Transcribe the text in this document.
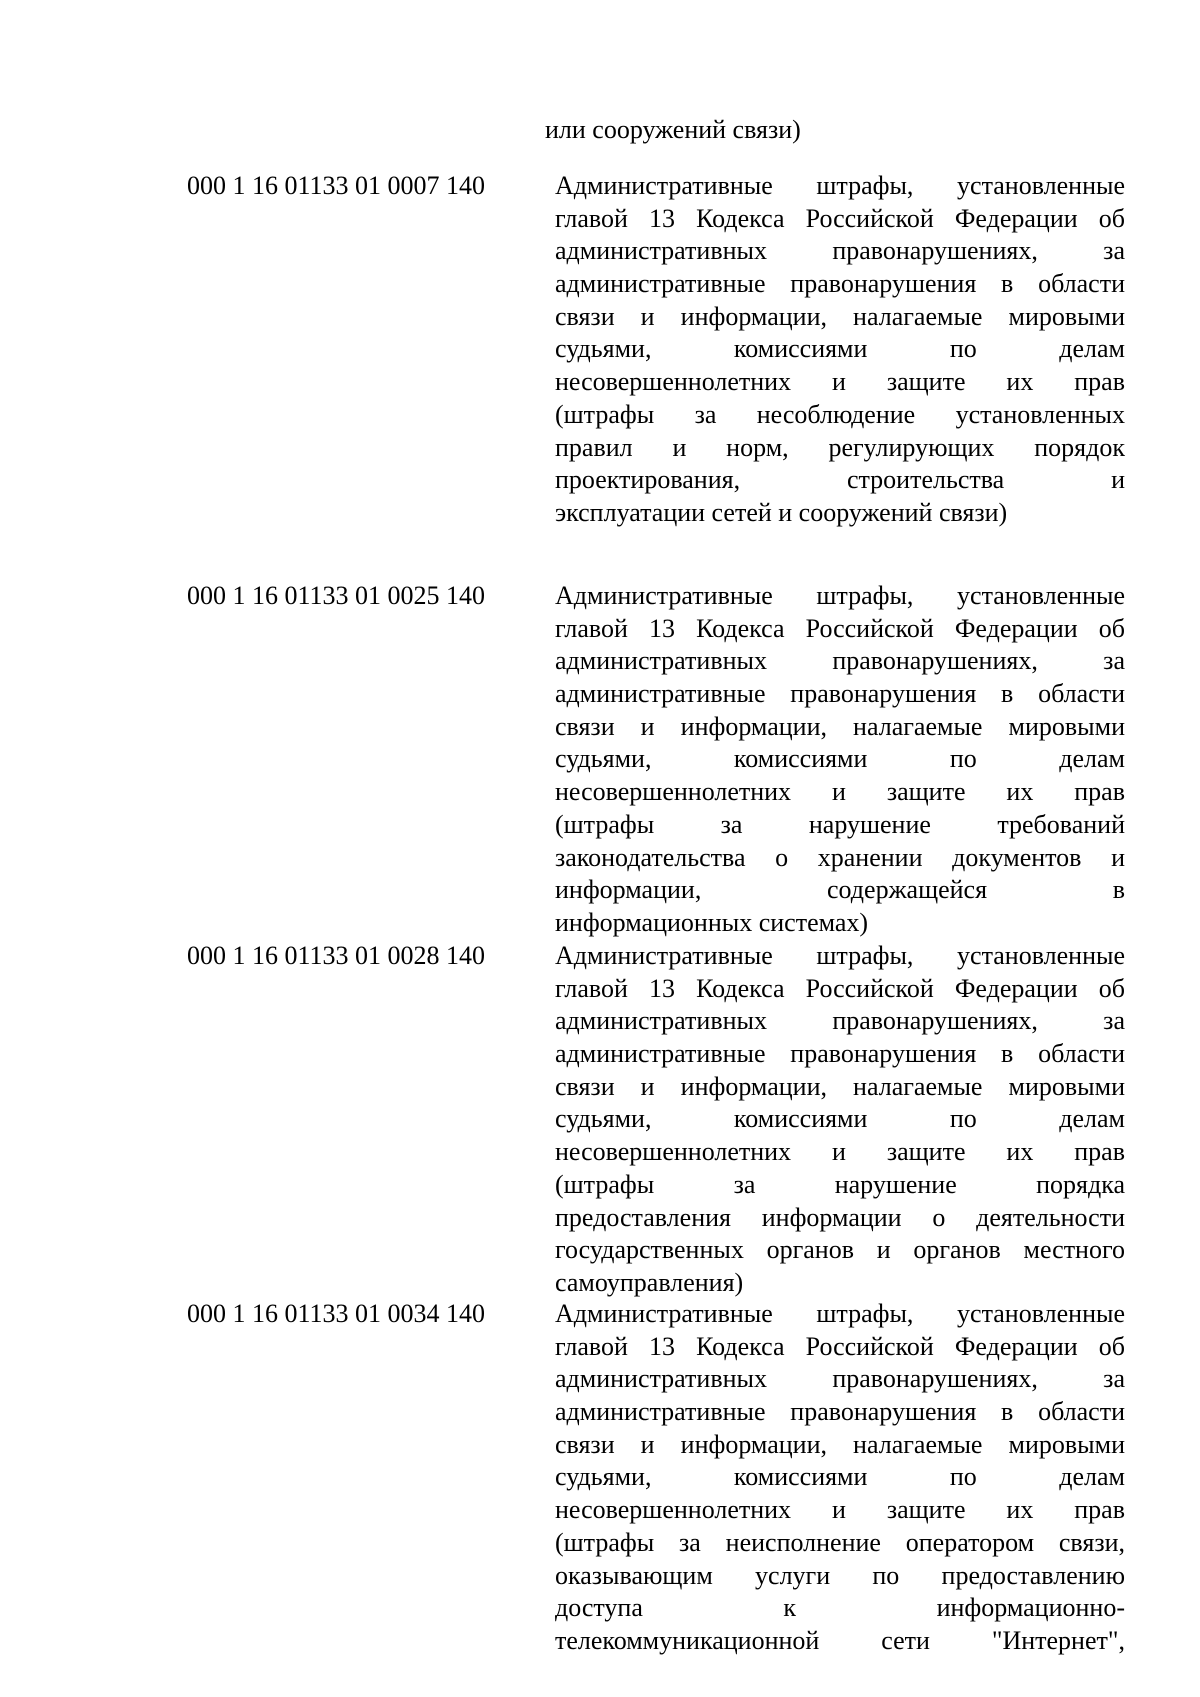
или сооружений связи)
000 1 16 01133 01 0007 140	Административные штрафы, установленные
главой 13 Кодекса Российской Федерации об
административных правонарушениях, за
административные правонарушения в области
связи и информации, налагаемые мировыми
судьями, комиссиями по делам
несовершеннолетних и защите их прав
(штрафы за несоблюдение установленных
правил и норм, регулирующих порядок
проектирования, строительства и
эксплуатации сетей и сооружений связи)
000 1 16 01133 01 0025 140	Административные штрафы, установленные
главой 13 Кодекса Российской Федерации об
административных правонарушениях, за
административные правонарушения в области
связи и информации, налагаемые мировыми
судьями, комиссиями по делам
несовершеннолетних и защите их прав
(штрафы за нарушение требований
законодательства о хранении документов и
информации, содержащейся в
информационных системах)
000 1 16 01133 01 0028 140	Административные штрафы, установленные
главой 13 Кодекса Российской Федерации об
административных правонарушениях, за
административные правонарушения в области
связи и информации, налагаемые мировыми
судьями, комиссиями по делам
несовершеннолетних и защите их прав
(штрафы за нарушение порядка
предоставления информации о деятельности
государственных органов и органов местного
самоуправления)
000 1 16 01133 01 0034 140	Административные штрафы, установленные
главой 13 Кодекса Российской Федерации об
административных правонарушениях, за
административные правонарушения в области
связи и информации, налагаемые мировыми
судьями, комиссиями по делам
несовершеннолетних и защите их прав
(штрафы за неисполнение оператором связи,
оказывающим услуги по предоставлению
доступа к информационно-
телекоммуникационной сети "Интернет",
